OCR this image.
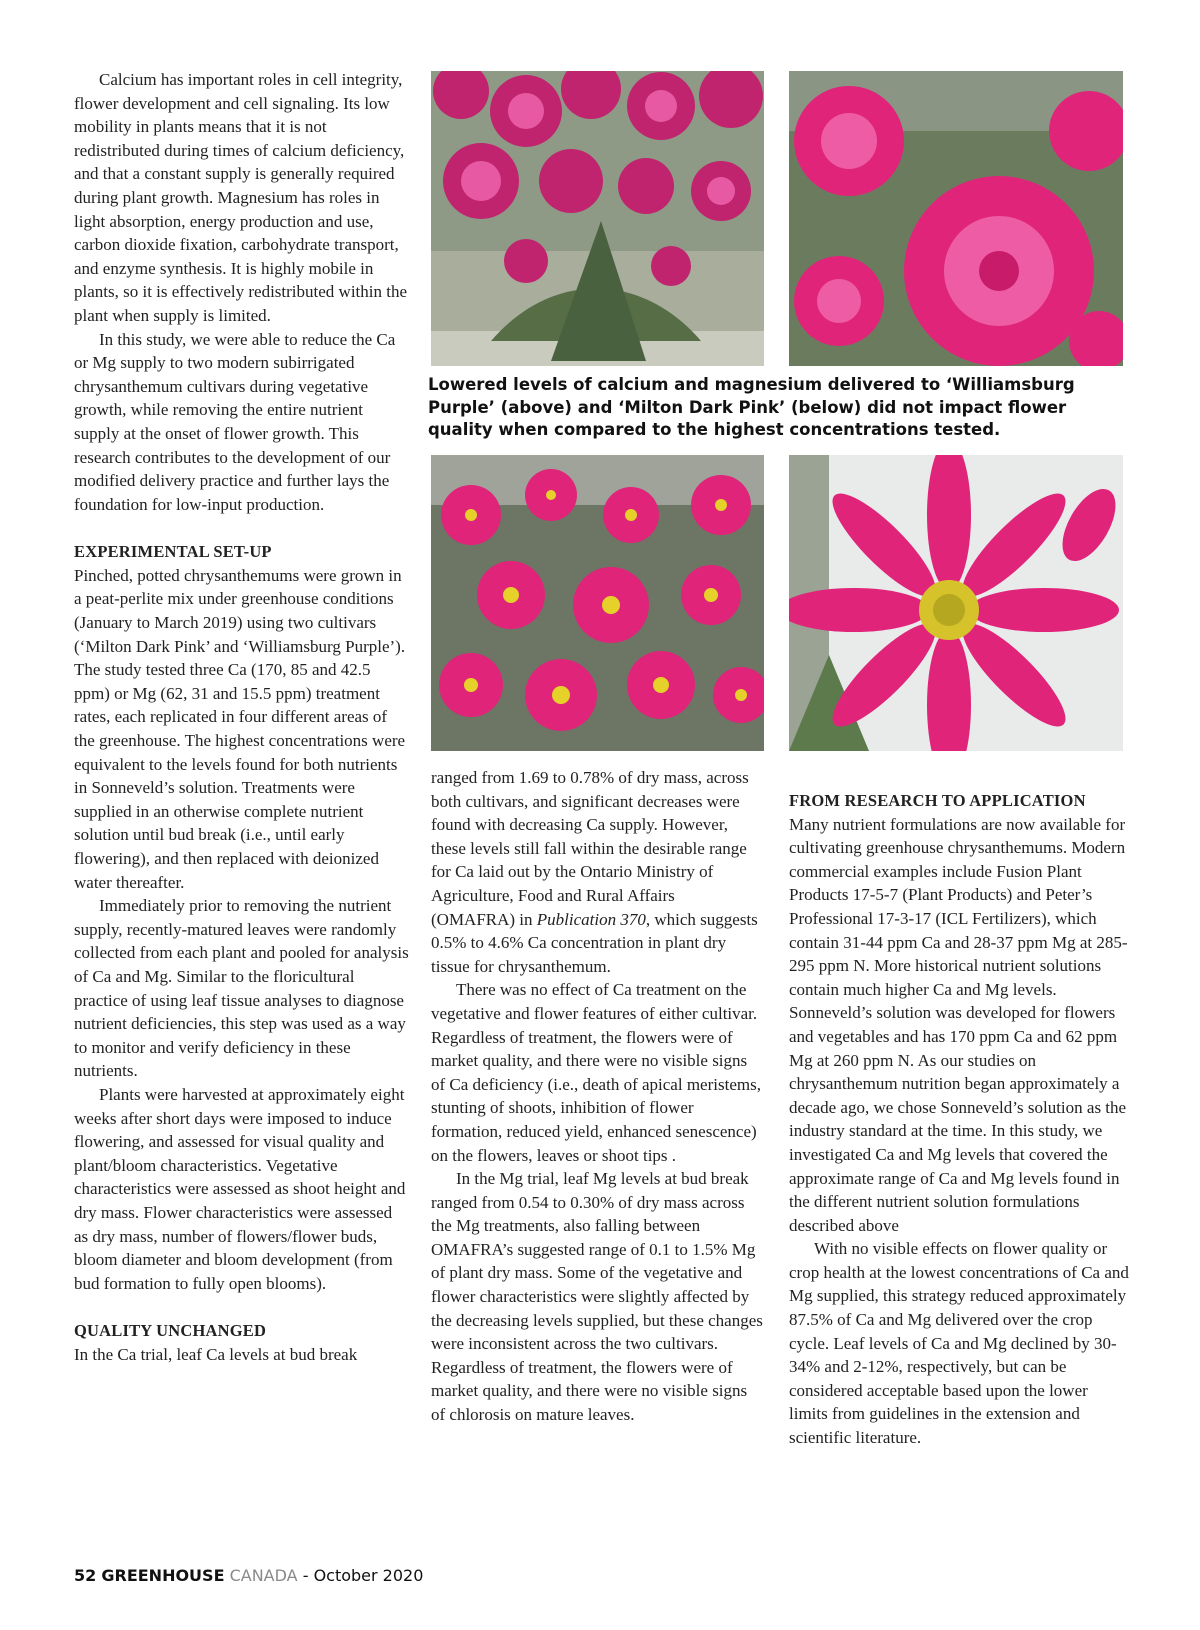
Calcium has important roles in cell integrity, flower development and cell signaling. Its low mobility in plants means that it is not redistributed during times of calcium deficiency, and that a constant supply is generally required during plant growth. Magnesium has roles in light absorption, energy production and use, carbon dioxide fixation, carbohydrate transport, and enzyme synthesis. It is highly mobile in plants, so it is effectively redistributed within the plant when supply is limited.

In this study, we were able to reduce the Ca or Mg supply to two modern subirrigated chrysanthemum cultivars during vegetative growth, while removing the entire nutrient supply at the onset of flower growth. This research contributes to the development of our modified delivery practice and further lays the foundation for low-input production.

EXPERIMENTAL SET-UP

Pinched, potted chrysanthemums were grown in a peat-perlite mix under greenhouse conditions (January to March 2019) using two cultivars (‘Milton Dark Pink’ and ‘Williamsburg Purple’). The study tested three Ca (170, 85 and 42.5 ppm) or Mg (62, 31 and 15.5 ppm) treatment rates, each replicated in four different areas of the greenhouse. The highest concentrations were equivalent to the levels found for both nutrients in Sonneveld’s solution. Treatments were supplied in an otherwise complete nutrient solution until bud break (i.e., until early flowering), and then replaced with deionized water thereafter.

Immediately prior to removing the nutrient supply, recently-matured leaves were randomly collected from each plant and pooled for analysis of Ca and Mg. Similar to the floricultural practice of using leaf tissue analyses to diagnose nutrient deficiencies, this step was used as a way to monitor and verify deficiency in these nutrients.

Plants were harvested at approximately eight weeks after short days were imposed to induce flowering, and assessed for visual quality and plant/bloom characteristics. Vegetative characteristics were assessed as shoot height and dry mass. Flower characteristics were assessed as dry mass, number of flowers/flower buds, bloom diameter and bloom development (from bud formation to fully open blooms).

QUALITY UNCHANGED

In the Ca trial, leaf Ca levels at bud break

ranged from 1.69 to 0.78% of dry mass, across both cultivars, and significant decreases were found with decreasing Ca supply. However, these levels still fall within the desirable range for Ca laid out by the Ontario Ministry of Agriculture, Food and Rural Affairs (OMAFRA) in Publication 370, which suggests 0.5% to 4.6% Ca concentration in plant dry tissue for chrysanthemum.

There was no effect of Ca treatment on the vegetative and flower features of either cultivar. Regardless of treatment, the flowers were of market quality, and there were no visible signs of Ca deficiency (i.e., death of apical meristems, stunting of shoots, inhibition of flower formation, reduced yield, enhanced senescence) on the flowers, leaves or shoot tips .

In the Mg trial, leaf Mg levels at bud break ranged from 0.54 to 0.30% of dry mass across the Mg treatments, also falling between OMAFRA’s suggested range of 0.1 to 1.5% Mg of plant dry mass. Some of the vegetative and flower characteristics were slightly affected by the decreasing levels supplied, but these changes were inconsistent across the two cultivars. Regardless of treatment, the flowers were of market quality, and there were no visible signs of chlorosis on mature leaves.

FROM RESEARCH TO APPLICATION

Many nutrient formulations are now available for cultivating greenhouse chrysanthemums. Modern commercial examples include Fusion Plant Products 17-5-7 (Plant Products) and Peter’s Professional 17-3-17 (ICL Fertilizers), which contain 31-44 ppm Ca and 28-37 ppm Mg at 285-295 ppm N. More historical nutrient solutions contain much higher Ca and Mg levels. Sonneveld’s solution was developed for flowers and vegetables and has 170 ppm Ca and 62 ppm Mg at 260 ppm N. As our studies on chrysanthemum nutrition began approximately a decade ago, we chose Sonneveld’s solution as the industry standard at the time. In this study, we investigated Ca and Mg levels that covered the approximate range of Ca and Mg levels found in the different nutrient solution formulations described above

With no visible effects on flower quality or crop health at the lowest concentrations of Ca and Mg supplied, this strategy reduced approximately 87.5% of Ca and Mg delivered over the crop cycle. Leaf levels of Ca and Mg declined by 30-34% and 2-12%, respectively, but can be considered acceptable based upon the lower limits from guidelines in the extension and scientific literature.

Lowered levels of calcium and magnesium delivered to ‘Williamsburg Purple’ (above) and ‘Milton Dark Pink’ (below) did not impact flower quality when compared to the highest concentrations tested.
52 GREENHOUSE CANADA - October 2020
